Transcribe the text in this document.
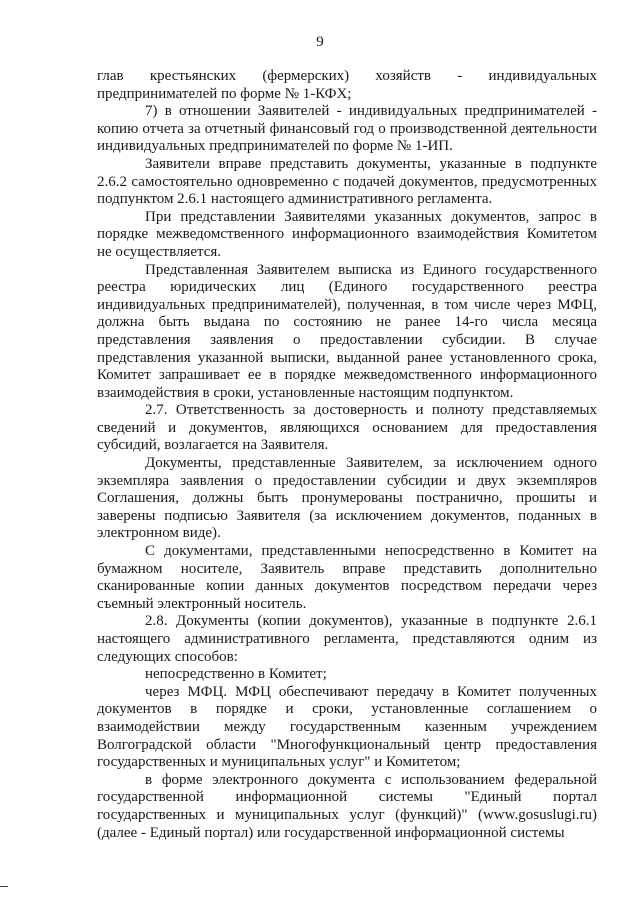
9

глав крестьянских (фермерских) хозяйств - индивидуальных предпринимателей по форме № 1-КФХ;

7) в отношении Заявителей - индивидуальных предпринимателей - копию отчета за отчетный финансовый год о производственной деятельности индивидуальных предпринимателей по форме № 1-ИП.

Заявители вправе представить документы, указанные в подпункте 2.6.2 самостоятельно одновременно с подачей документов, предусмотренных подпунктом 2.6.1 настоящего административного регламента.

При представлении Заявителями указанных документов, запрос в порядке межведомственного информационного взаимодействия Комитетом не осуществляется.

Представленная Заявителем выписка из Единого государственного реестра юридических лиц (Единого государственного реестра индивидуальных предпринимателей), полученная, в том числе через МФЦ, должна быть выдана по состоянию не ранее 14-го числа месяца представления заявления о предоставлении субсидии. В случае представления указанной выписки, выданной ранее установленного срока, Комитет запрашивает ее в порядке межведомственного информационного взаимодействия в сроки, установленные настоящим подпунктом.

2.7. Ответственность за достоверность и полноту представляемых сведений и документов, являющихся основанием для предоставления субсидий, возлагается на Заявителя.

Документы, представленные Заявителем, за исключением одного экземпляра заявления о предоставлении субсидии и двух экземпляров Соглашения, должны быть пронумерованы постранично, прошиты и заверены подписью Заявителя (за исключением документов, поданных в электронном виде).

С документами, представленными непосредственно в Комитет на бумажном носителе, Заявитель вправе представить дополнительно сканированные копии данных документов посредством передачи через съемный электронный носитель.

2.8. Документы (копии документов), указанные в подпункте 2.6.1 настоящего административного регламента, представляются одним из следующих способов:

непосредственно в Комитет;

через МФЦ. МФЦ обеспечивают передачу в Комитет полученных документов в порядке и сроки, установленные соглашением о взаимодействии между государственным казенным учреждением Волгоградской области "Многофункциональный центр предоставления государственных и муниципальных услуг" и Комитетом;

в форме электронного документа с использованием федеральной государственной информационной системы "Единый портал государственных и муниципальных услуг (функций)" (www.gosuslugi.ru) (далее - Единый портал) или государственной информационной системы
